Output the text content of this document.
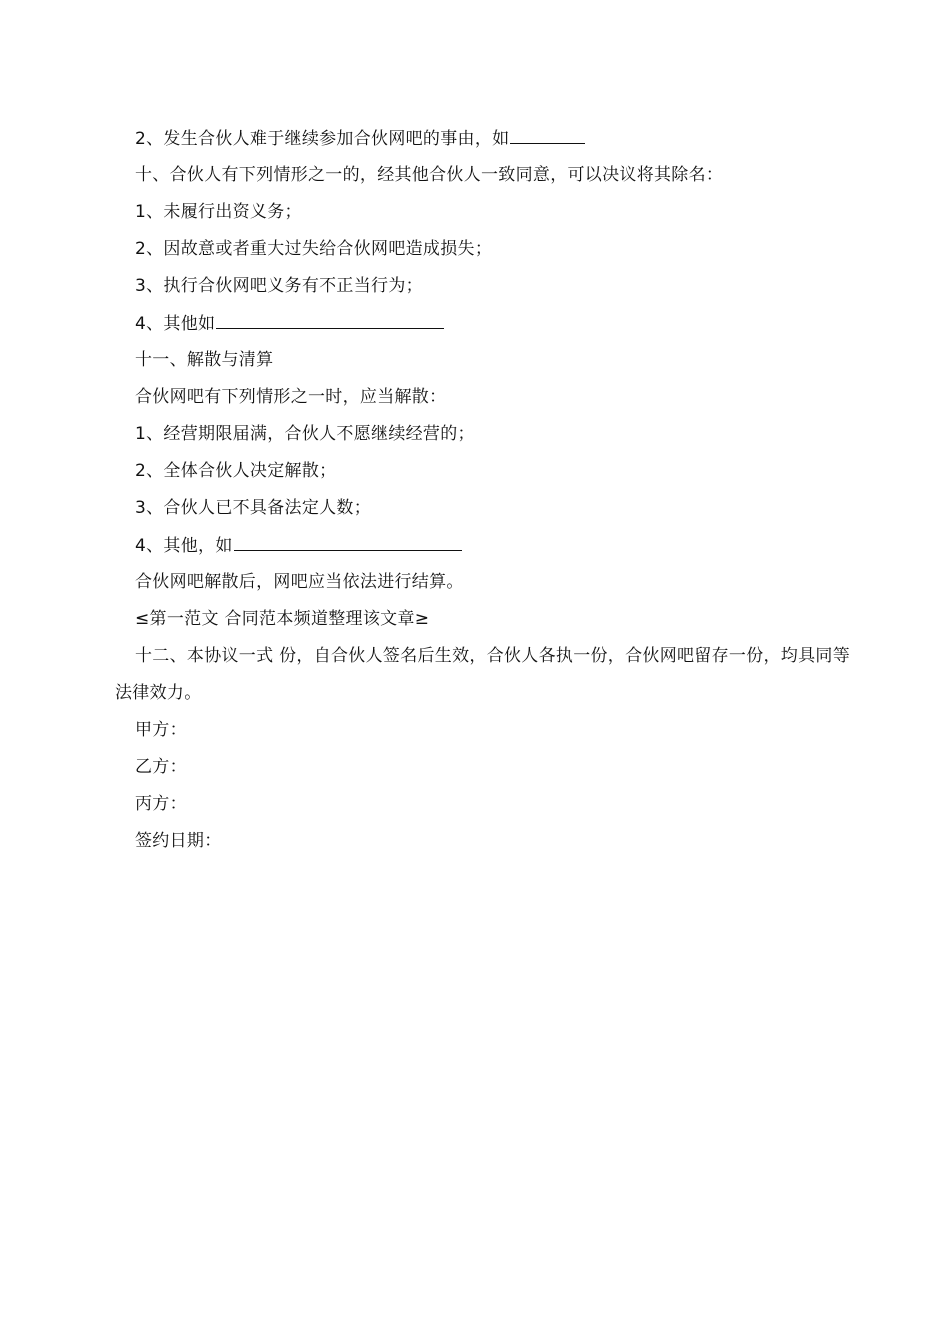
2、发生合伙人难于继续参加合伙网吧的事由，如
十、合伙人有下列情形之一的，经其他合伙人一致同意，可以决议将其除名：
1、未履行出资义务；
2、因故意或者重大过失给合伙网吧造成损失；
3、执行合伙网吧义务有不正当行为；
4、其他如
十一、解散与清算
合伙网吧有下列情形之一时，应当解散：
1、经营期限届满，合伙人不愿继续经营的；
2、全体合伙人决定解散；
3、合伙人已不具备法定人数；
4、其他，如
合伙网吧解散后，网吧应当依法进行结算。
≤第一范文 合同范本频道整理该文章≥
十二、本协议一式 份，自合伙人签名后生效，合伙人各执一份，合伙网吧留存一份，均具同等法律效力。
甲方：
乙方：
丙方：
签约日期：
